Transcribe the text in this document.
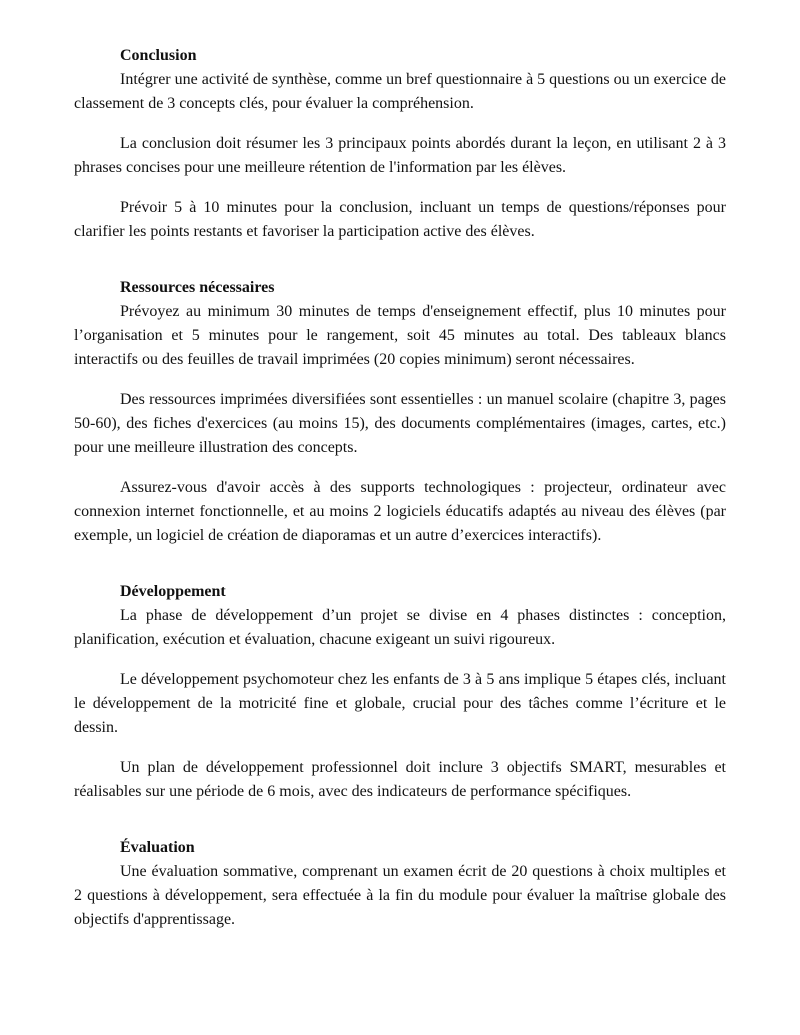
Conclusion

Intégrer une activité de synthèse, comme un bref questionnaire à 5 questions ou un exercice de classement de 3 concepts clés, pour évaluer la compréhension.

La conclusion doit résumer les 3 principaux points abordés durant la leçon, en utilisant 2 à 3 phrases concises pour une meilleure rétention de l'information par les élèves.

Prévoir 5 à 10 minutes pour la conclusion, incluant un temps de questions/réponses pour clarifier les points restants et favoriser la participation active des élèves.

Ressources nécessaires

Prévoyez au minimum 30 minutes de temps d'enseignement effectif, plus 10 minutes pour l’organisation et 5 minutes pour le rangement, soit 45 minutes au total. Des tableaux blancs interactifs ou des feuilles de travail imprimées (20 copies minimum) seront nécessaires.

Des ressources imprimées diversifiées sont essentielles : un manuel scolaire (chapitre 3, pages 50-60), des fiches d'exercices (au moins 15), des documents complémentaires (images, cartes, etc.) pour une meilleure illustration des concepts.

Assurez-vous d'avoir accès à des supports technologiques : projecteur, ordinateur avec connexion internet fonctionnelle, et au moins 2 logiciels éducatifs adaptés au niveau des élèves (par exemple, un logiciel de création de diaporamas et un autre d’exercices interactifs).

Développement

La phase de développement d’un projet se divise en 4 phases distinctes : conception, planification, exécution et évaluation, chacune exigeant un suivi rigoureux.

Le développement psychomoteur chez les enfants de 3 à 5 ans implique 5 étapes clés, incluant le développement de la motricité fine et globale, crucial pour des tâches comme l’écriture et le dessin.

Un plan de développement professionnel doit inclure 3 objectifs SMART, mesurables et réalisables sur une période de 6 mois, avec des indicateurs de performance spécifiques.

Évaluation

Une évaluation sommative, comprenant un examen écrit de 20 questions à choix multiples et 2 questions à développement, sera effectuée à la fin du module pour évaluer la maîtrise globale des objectifs d'apprentissage.
